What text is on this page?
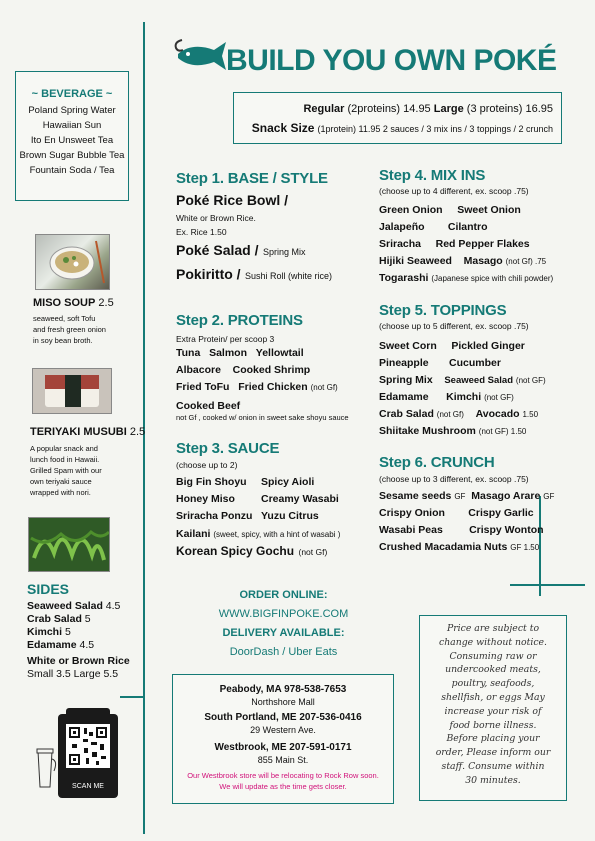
BUILD YOU OWN POKÉ
Regular (2proteins) 14.95 Large (3 proteins) 16.95
Snack Size (1protein) 11.95 2 sauces / 3 mix ins / 3 toppings / 2 crunch
~ BEVERAGE ~
Poland Spring Water
Hawaiian Sun
Ito En Unsweet Tea
Brown Sugar Bubble Tea
Fountain Soda / Tea
MISO SOUP 2.5
seaweed, soft Tofu
and fresh green onion
in soy bean broth.
TERIYAKI MUSUBI 2.5
A popular snack and
lunch food in Hawaii.
Grilled Spam with our
own teriyaki sauce
wrapped with nori.
SIDES
Seaweed Salad 4.5
Crab Salad 5
Kimchi 5
Edamame 4.5
White or Brown Rice
Small 3.5 Large 5.5
SCAN ME
Step 1. BASE / STYLE
Poké Rice Bowl /
White or Brown Rice.
Ex. Rice 1.50
Poké Salad / Spring Mix
Pokiritto / Sushi Roll (white rice)
Step 2. PROTEINS
Extra Protein/ per scoop 3
Tuna Salmon Yellowtail
Albacore Cooked Shrimp
Fried ToFu Fried Chicken (not Gf)
Cooked Beef
not Gf , cooked w/ onion in sweet sake shoyu sauce
Step 3. SAUCE
(choose up to 2)
Big Fin Shoyu
Honey Miso
Sriracha Ponzu
Spicy Aioli
Creamy Wasabi
Yuzu Citrus
Kailani (sweet, spicy, with a hint of wasabi )
Korean Spicy Gochu (not Gf)
Step 4. MIX INS
(choose up to 4 different, ex. scoop .75)
Green Onion Sweet Onion
Jalapeño Cilantro
Sriracha Red Pepper Flakes
Hijiki Seaweed Masago (not Gf) .75
Togarashi (Japanese spice with chili powder)
Step 5. TOPPINGS
(choose up to 5 different, ex. scoop .75)
Sweet Corn Pickled Ginger
Pineapple Cucumber
Spring Mix Seaweed Salad (not GF)
Edamame Kimchi (not GF)
Crab Salad (not Gf) Avocado 1.50
Shiitake Mushroom (not GF) 1.50
Step 6. CRUNCH
(choose up to 3 different, ex. scoop .75)
Sesame seeds GF Masago Arare GF
Crispy Onion Crispy Garlic
Wasabi Peas	Crispy Wonton
Crushed Macadamia Nuts GF 1.50
ORDER ONLINE:
WWW.BIGFINPOKE.COM
DELIVERY AVAILABLE:
DoorDash / Uber Eats
Peabody, MA 978-538-7653
Northshore Mall
South Portland, ME 207-536-0416
29 Western Ave.
Westbrook, ME 207-591-0171
855 Main St.
Our Westbrook store will be relocating to Rock Row soon.
We will update as the time gets closer.
Price are subject to
change without notice.
Consuming raw or
undercooked meats,
poultry, seafoods,
shellfish, or eggs May
increase your risk of
food borne illness.
Before placing your
order, Please inform our
staff. Consume within
30 minutes.
